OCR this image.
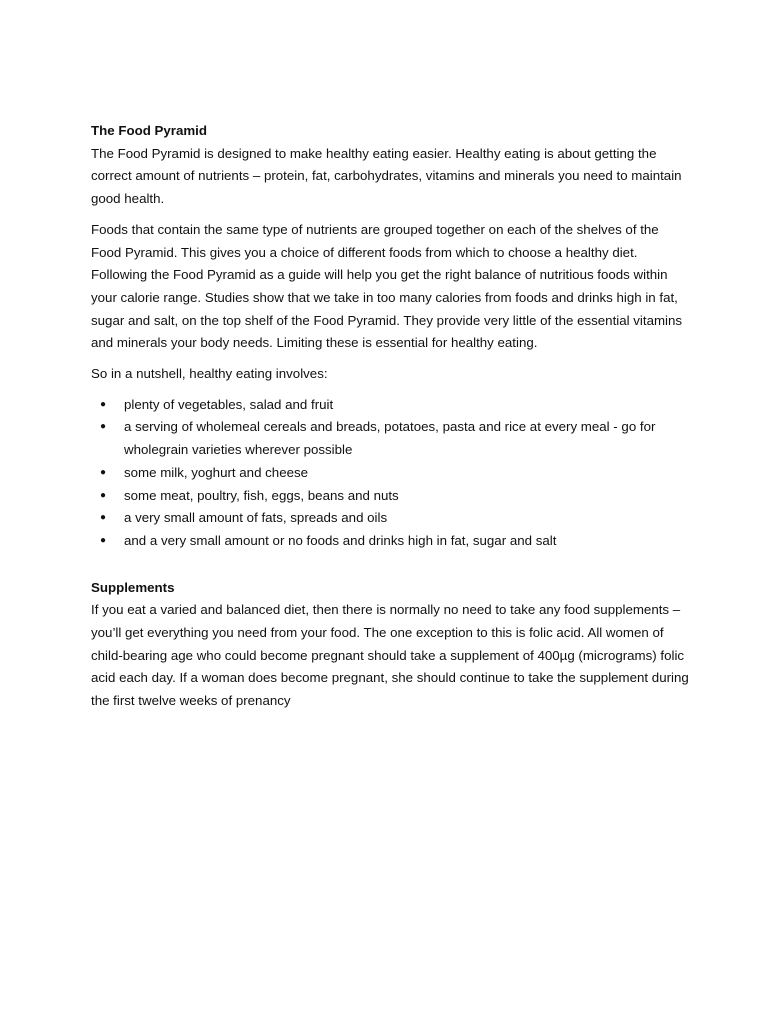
The Food Pyramid

The Food Pyramid is designed to make healthy eating easier. Healthy eating is about getting the correct amount of nutrients – protein, fat, carbohydrates, vitamins and minerals you need to maintain good health.

Foods that contain the same type of nutrients are grouped together on each of the shelves of the Food Pyramid. This gives you a choice of different foods from which to choose a healthy diet. Following the Food Pyramid as a guide will help you get the right balance of nutritious foods within your calorie range. Studies show that we take in too many calories from foods and drinks high in fat, sugar and salt, on the top shelf of the Food Pyramid. They provide very little of the essential vitamins and minerals your body needs. Limiting these is essential for healthy eating.

So in a nutshell, healthy eating involves:

● plenty of vegetables, salad and fruit
● a serving of wholemeal cereals and breads, potatoes, pasta and rice at every meal - go for wholegrain varieties wherever possible
● some milk, yoghurt and cheese
● some meat, poultry, fish, eggs, beans and nuts
● a very small amount of fats, spreads and oils
● and a very small amount or no foods and drinks high in fat, sugar and salt
Supplements

If you eat a varied and balanced diet, then there is normally no need to take any food supplements – you’ll get everything you need from your food. The one exception to this is folic acid. All women of child-bearing age who could become pregnant should take a supplement of 400µg (micrograms) folic acid each day. If a woman does become pregnant, she should continue to take the supplement during the first twelve weeks of prenancy
